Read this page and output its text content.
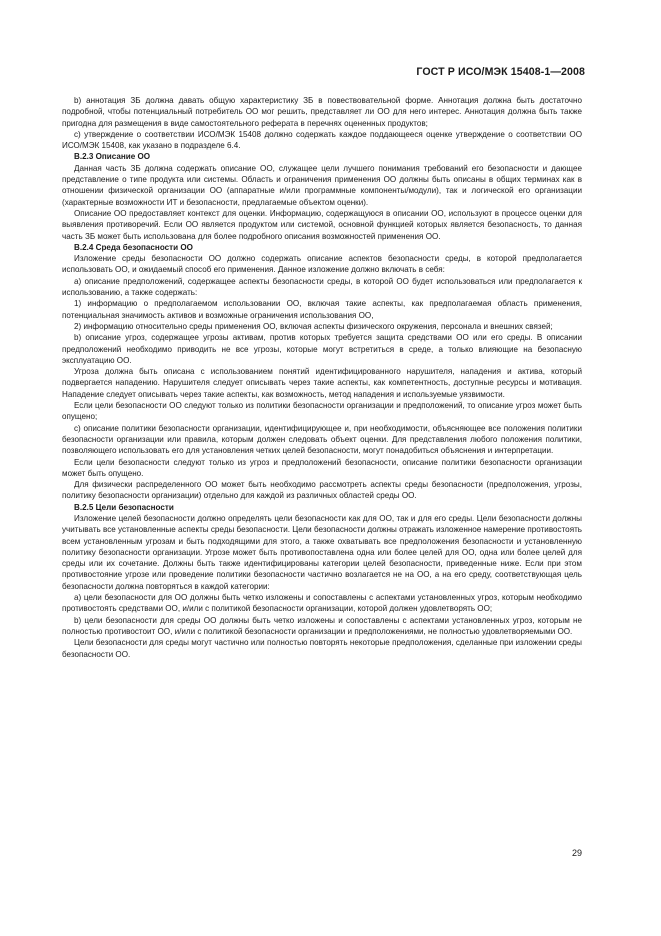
ГОСТ Р ИСО/МЭК 15408-1—2008

b) аннотация ЗБ должна давать общую характеристику ЗБ в повествовательной форме. Аннотация должна быть достаточно подробной, чтобы потенциальный потребитель ОО мог решить, представляет ли ОО для него интерес. Аннотация должна быть также пригодна для размещения в виде самостоятельного реферата в перечнях оцененных продуктов;

c) утверждение о соответствии ИСО/МЭК 15408 должно содержать каждое поддающееся оценке утверждение о соответствии ОО ИСО/МЭК 15408, как указано в подразделе 6.4.

В.2.3 Описание ОО

Данная часть ЗБ должна содержать описание ОО, служащее цели лучшего понимания требований его безопасности и дающее представление о типе продукта или системы. Область и ограничения применения ОО должны быть описаны в общих терминах как в отношении физической организации ОО (аппаратные и/или программные компоненты/модули), так и логической его организации (характерные возможности ИТ и безопасности, предлагаемые объектом оценки).

Описание ОО предоставляет контекст для оценки. Информацию, содержащуюся в описании ОО, используют в процессе оценки для выявления противоречий. Если ОО является продуктом или системой, основной функцией которых является безопасность, то данная часть ЗБ может быть использована для более подробного описания возможностей применения ОО.

В.2.4 Среда безопасности ОО

Изложение среды безопасности ОО должно содержать описание аспектов безопасности среды, в которой предполагается использовать ОО, и ожидаемый способ его применения. Данное изложение должно включать в себя:

а) описание предположений, содержащее аспекты безопасности среды, в которой ОО будет использоваться или предполагается к использованию, а также содержать:

1) информацию о предполагаемом использовании ОО, включая такие аспекты, как предполагаемая область применения, потенциальная значимость активов и возможные ограничения использования ОО,

2) информацию относительно среды применения ОО, включая аспекты физического окружения, персонала и внешних связей;

b) описание угроз, содержащее угрозы активам, против которых требуется защита средствами ОО или его среды. В описании предположений необходимо приводить не все угрозы, которые могут встретиться в среде, а только влияющие на безопасную эксплуатацию ОО.

Угроза должна быть описана с использованием понятий идентифицированного нарушителя, нападения и актива, который подвергается нападению. Нарушителя следует описывать через такие аспекты, как компетентность, доступные ресурсы и мотивация. Нападение следует описывать через такие аспекты, как возможность, метод нападения и используемые уязвимости.

Если цели безопасности ОО следуют только из политики безопасности организации и предположений, то описание угроз может быть опущено;

c) описание политики безопасности организации, идентифицирующее и, при необходимости, объясняющее все положения политики безопасности организации или правила, которым должен следовать объект оценки. Для представления любого положения политики, позволяющего использовать его для установления четких целей безопасности, могут понадобиться объяснения и интерпретации.

Если цели безопасности следуют только из угроз и предположений безопасности, описание политики безопасности организации может быть опущено.

Для физически распределенного ОО может быть необходимо рассмотреть аспекты среды безопасности (предположения, угрозы, политику безопасности организации) отдельно для каждой из различных областей среды ОО.

В.2.5 Цели безопасности

Изложение целей безопасности должно определять цели безопасности как для ОО, так и для его среды. Цели безопасности должны учитывать все установленные аспекты среды безопасности. Цели безопасности должны отражать изложенное намерение противостоять всем установленным угрозам и быть подходящими для этого, а также охватывать все предположения безопасности и установленную политику безопасности организации. Угрозе может быть противопоставлена одна или более целей для ОО, одна или более целей для среды или их сочетание. Должны быть также идентифицированы категории целей безопасности, приведенные ниже. Если при этом противостояние угрозе или проведение политики безопасности частично возлагается не на ОО, а на его среду, соответствующая цель безопасности должна повторяться в каждой категории:

а) цели безопасности для ОО должны быть четко изложены и сопоставлены с аспектами установленных угроз, которым необходимо противостоять средствами ОО, и/или с политикой безопасности организации, которой должен удовлетворять ОО;

b) цели безопасности для среды ОО должны быть четко изложены и сопоставлены с аспектами установленных угроз, которым не полностью противостоит ОО, и/или с политикой безопасности организации и предположениями, не полностью удовлетворяемыми ОО.

Цели безопасности для среды могут частично или полностью повторять некоторые предположения, сделанные при изложении среды безопасности ОО.

29
